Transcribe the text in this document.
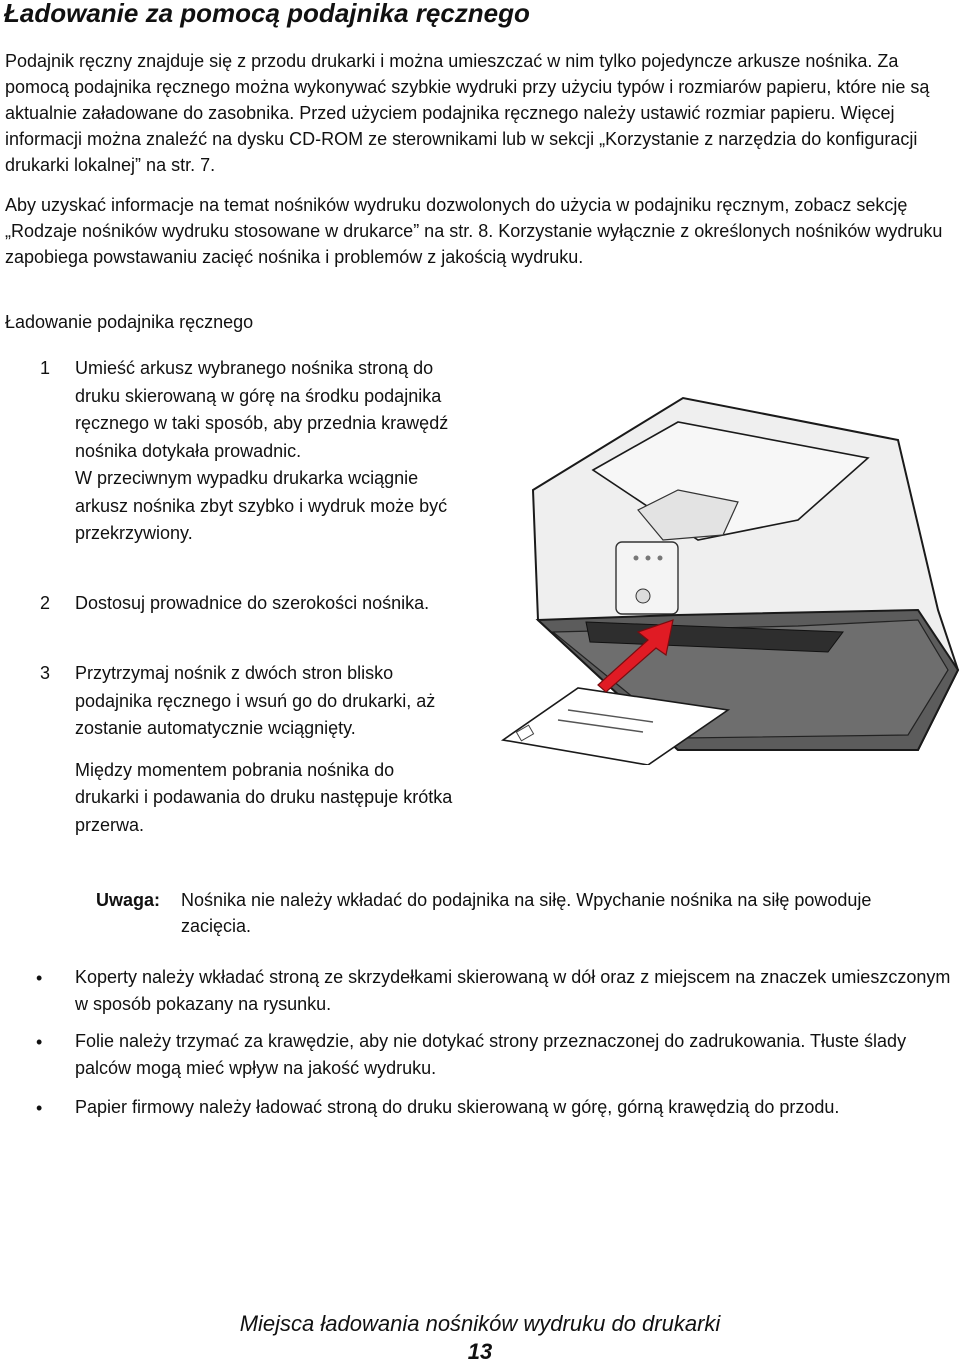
Ładowanie za pomocą podajnika ręcznego

Podajnik ręczny znajduje się z przodu drukarki i można umieszczać w nim tylko pojedyncze arkusze nośnika. Za pomocą podajnika ręcznego można wykonywać szybkie wydruki przy użyciu typów i rozmiarów papieru, które nie są aktualnie załadowane do zasobnika. Przed użyciem podajnika ręcznego należy ustawić rozmiar papieru. Więcej informacji można znaleźć na dysku CD-ROM ze sterownikami lub w sekcji „Korzystanie z narzędzia do konfiguracji drukarki lokalnej” na str. 7.

Aby uzyskać informacje na temat nośników wydruku dozwolonych do użycia w podajniku ręcznym, zobacz sekcję „Rodzaje nośników wydruku stosowane w drukarce” na str. 8. Korzystanie wyłącznie z określonych nośników wydruku zapobiega powstawaniu zacięć nośnika i problemów z jakością wydruku.

Ładowanie podajnika ręcznego

1 Umieść arkusz wybranego nośnika stroną do druku skierowaną w górę na środku podajnika ręcznego w taki sposób, aby przednia krawędź nośnika dotykała prowadnic.
W przeciwnym wypadku drukarka wciągnie arkusz nośnika zbyt szybko i wydruk może być przekrzywiony.
2 Dostosuj prowadnice do szerokości nośnika.
3 Przytrzymaj nośnik z dwóch stron blisko podajnika ręcznego i wsuń go do drukarki, aż zostanie automatycznie wciągnięty.
Między momentem pobrania nośnika do drukarki i podawania do druku następuje krótka przerwa.
Uwaga: Nośnika nie należy wkładać do podajnika na siłę. Wpychanie nośnika na siłę powoduje zacięcia.
• Koperty należy wkładać stroną ze skrzydełkami skierowaną w dół oraz z miejscem na znaczek umieszczonym w sposób pokazany na rysunku.
• Folie należy trzymać za krawędzie, aby nie dotykać strony przeznaczonej do zadrukowania. Tłuste ślady palców mogą mieć wpływ na jakość wydruku.
• Papier firmowy należy ładować stroną do druku skierowaną w górę, górną krawędzią do przodu.
Miejsca ładowania nośników wydruku do drukarki
13
